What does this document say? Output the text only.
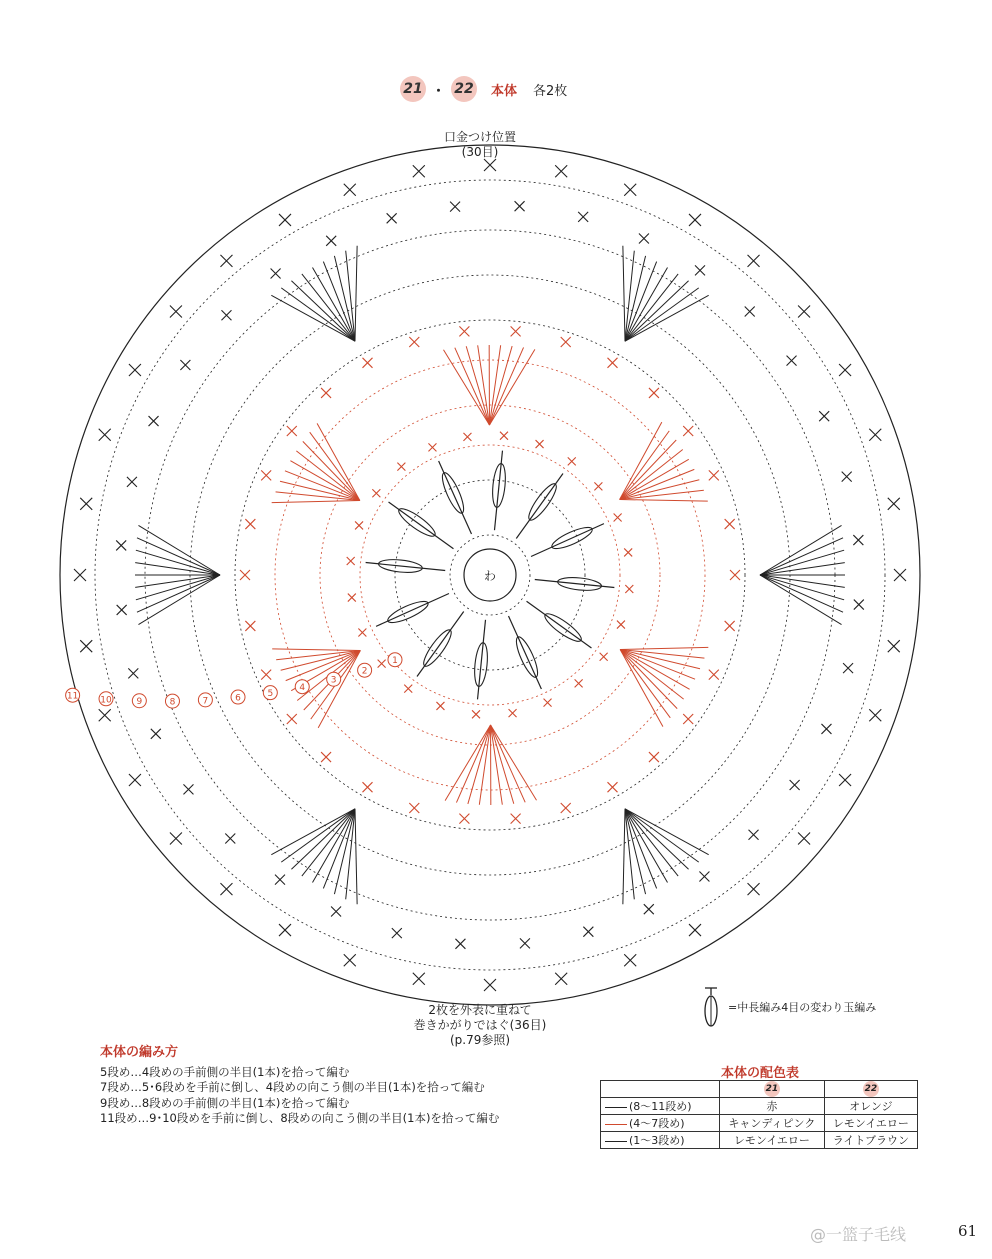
21 ・ 22 本体 各2枚
口金つけ位置
(30目)
わ
1
2
3
4
5
6
7
8
9
10
11
2枚を外表に重ねて
巻きかがりではぐ(36目)
(p.79参照)
=中長編み4目の変わり玉編み
本体の編み方
5段め…4段めの手前側の半目(1本)を拾って編む
7段め…5･6段めを手前に倒し、4段めの向こう側の半目(1本)を拾って編む
9段め…8段めの手前側の半目(1本)を拾って編む
11段め…9･10段めを手前に倒し、8段めの向こう側の半目(1本)を拾って編む
本体の配色表
	21	22
(8〜11段め)	赤	オレンジ
(4〜7段め)	キャンディピンク	レモンイエロー
(1〜3段め)	レモンイエロー	ライトブラウン
@一篮子毛线	61
